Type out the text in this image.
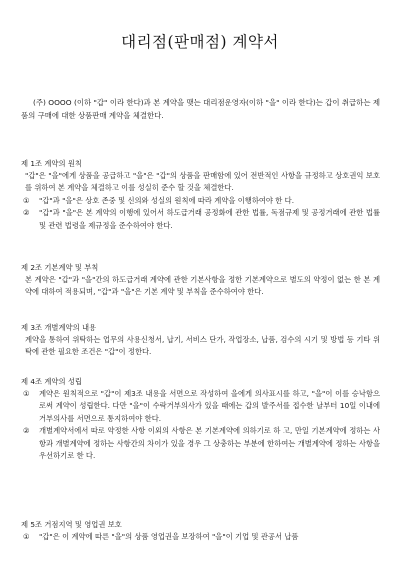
대리점(판매점) 계약서
(주) OOOO (이하 "갑" 이라 한다)과 본 계약을 맺는 대리점운영자(이하 "을" 이라 한다)는 갑이 취급하는 제품의 구매에 대한 상품판매 계약을 체결한다.
제 1조 계약의 원칙
"갑"은 "을"에게 상품을 공급하고 "을"은 "갑"의 상품을 판매함에 있어 전반적인 사항을 규정하고 상호권익 보호를 위하여 본 계약을 체결하고 이를 성실히 준수 할 것을 체결한다.
① "갑"과 "을"은 상호 존중 및 신의와 성실의 원칙에 따라 계약을 이행하여야 한 다.
② "갑"과 "을"은 본 계약의 이행에 있어서 하도급거래 공정화에 관한 법률, 독점규제 및 공정거래에 관한 법률 및 관련 법령을 제규정을 준수하여야 한다.
제 2조 기본계약 및 부칙
본 계약은 "갑"과 "을"간의 하도급거래 계약에 관한 기본사항을 정한 기본계약으로 별도의 약정이 없는 한 본 계약에 대하여 적용되며, "갑"과 "을"은 기본 계약 및 부칙을 준수하여야 한다.
제 3조 개별계약의 내용
계약을 통하여 위탁하는 업무의 사용신청서, 납기, 서비스 단가, 작업장소, 납품, 검수의 시기 및 방법 등 기타 위탁에 관한 필요한 조건은 "갑"이 정한다.
제 4조 계약의 성립
① 계약은 원칙적으로 "갑"이 제3조 내용을 서면으로 작성하여 을에게 의사표시를 하고, "을"이 이를 승낙함으로써 계약이 성립한다. 다만 "을"이 수락거부의사가 있을 때에는 갑의 발주서를 접수한 날부터 10일 이내에 거부의사를 서면으로 통지하여야 한다.
② 개별계약서에서 따로 약정한 사항 이외의 사항은 본 기본계약에 의하기로 하 고, 만일 기본계약에 정하는 사항과 개별계약에 정하는 사항간의 차이가 있을 경우 그 상충하는 부분에 한하여는 개별계약에 정하는 사항을 우선하기로 한 다.
제 5조 거점지역 및 영업권 보호
① "갑"은 이 계약에 따른 "을"의 상품 영업권을 보장하여 "을"이 기업 및 관공서 납품
